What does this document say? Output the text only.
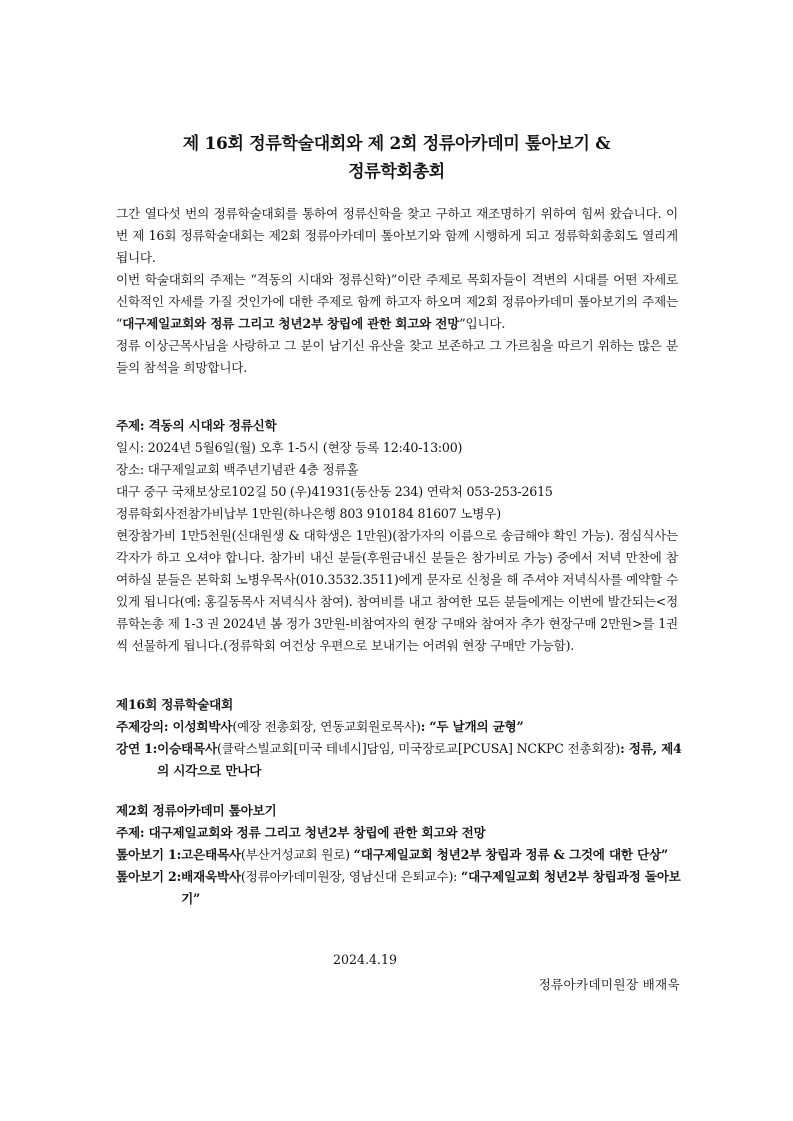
제 16회 정류학술대회와 제 2회 정류아카데미 톺아보기 &
정류학회총회

그간 열다섯 번의 정류학술대회를 통하여 정류신학을 찾고 구하고 재조명하기 위하여 힘써 왔습니다. 이번 제 16회 정류학술대회는 제2회 정류아카데미 톺아보기와 함께 시행하게 되고 정류학회총회도 열리게 됩니다.

이번 학술대회의 주제는 “격동의 시대와 정류신학)”이란 주제로 목회자들이 격변의 시대를 어떤 자세로 신학적인 자세를 가질 것인가에 대한 주제로 함께 하고자 하오며 제2회 정류아카데미 톺아보기의 주제는 “대구제일교회와 정류 그리고 청년2부 창립에 관한 회고와 전망”입니다.

정류 이상근목사님을 사랑하고 그 분이 남기신 유산을 찾고 보존하고 그 가르침을 따르기 위하는 많은 분들의 참석을 희망합니다.

주제: 격동의 시대와 정류신학
일시: 2024년 5월6일(월) 오후 1-5시 (현장 등록 12:40-13:00)
장소: 대구제일교회 백주년기념관 4층 정류홀
대구 중구 국채보상로102길 50 (우)41931(동산동 234) 연락처 053-253-2615
정류학회사전참가비납부 1만원(하나은행 803 910184 81607 노병우)

현장참가비 1만5천원(신대원생 & 대학생은 1만원)(참가자의 이름으로 송금해야 확인 가능). 점심식사는 각자가 하고 오셔야 합니다. 참가비 내신 분들(후원금내신 분들은 참가비로 가능) 중에서 저녁 만찬에 참여하실 분들은 본학회 노병우목사(010.3532.3511)에게 문자로 신청을 해 주셔야 저녁식사를 예약할 수 있게 됩니다(예: 홍길동목사 저녁식사 참여). 참여비를 내고 참여한 모든 분들에게는 이번에 발간되는<정류학논총 제 1-3 권 2024년 봄 정가 3만원-비참여자의 현장 구매와 참여자 추가 현장구매 2만원>를 1권씩 선물하게 됩니다.(정류학회 여건상 우편으로 보내기는 어려워 현장 구매만 가능함).

제16회 정류학술대회
주제강의: 이성희박사(예장 전총회장, 연동교회원로목사): “두 날개의 균형”
강연 1: 이승태목사(클락스빌교회[미국 테네시]담임, 미국장로교[PCUSA] NCKPC 전총회장): 정류, 제4의 시각으로 만나다
제2회 정류아카데미 톺아보기
주제: 대구제일교회와 정류 그리고 청년2부 창립에 관한 회고와 전망
톺아보기 1: 고은태목사(부산거성교회 원로) “대구제일교회 청년2부 창립과 정류 & 그것에 대한 단상”
톺아보기 2: 배재욱박사(정류아카데미원장, 영남신대 은퇴교수): “대구제일교회 청년2부 창립과정 돌아보기”
2024.4.19
정류아카데미원장 배재욱
